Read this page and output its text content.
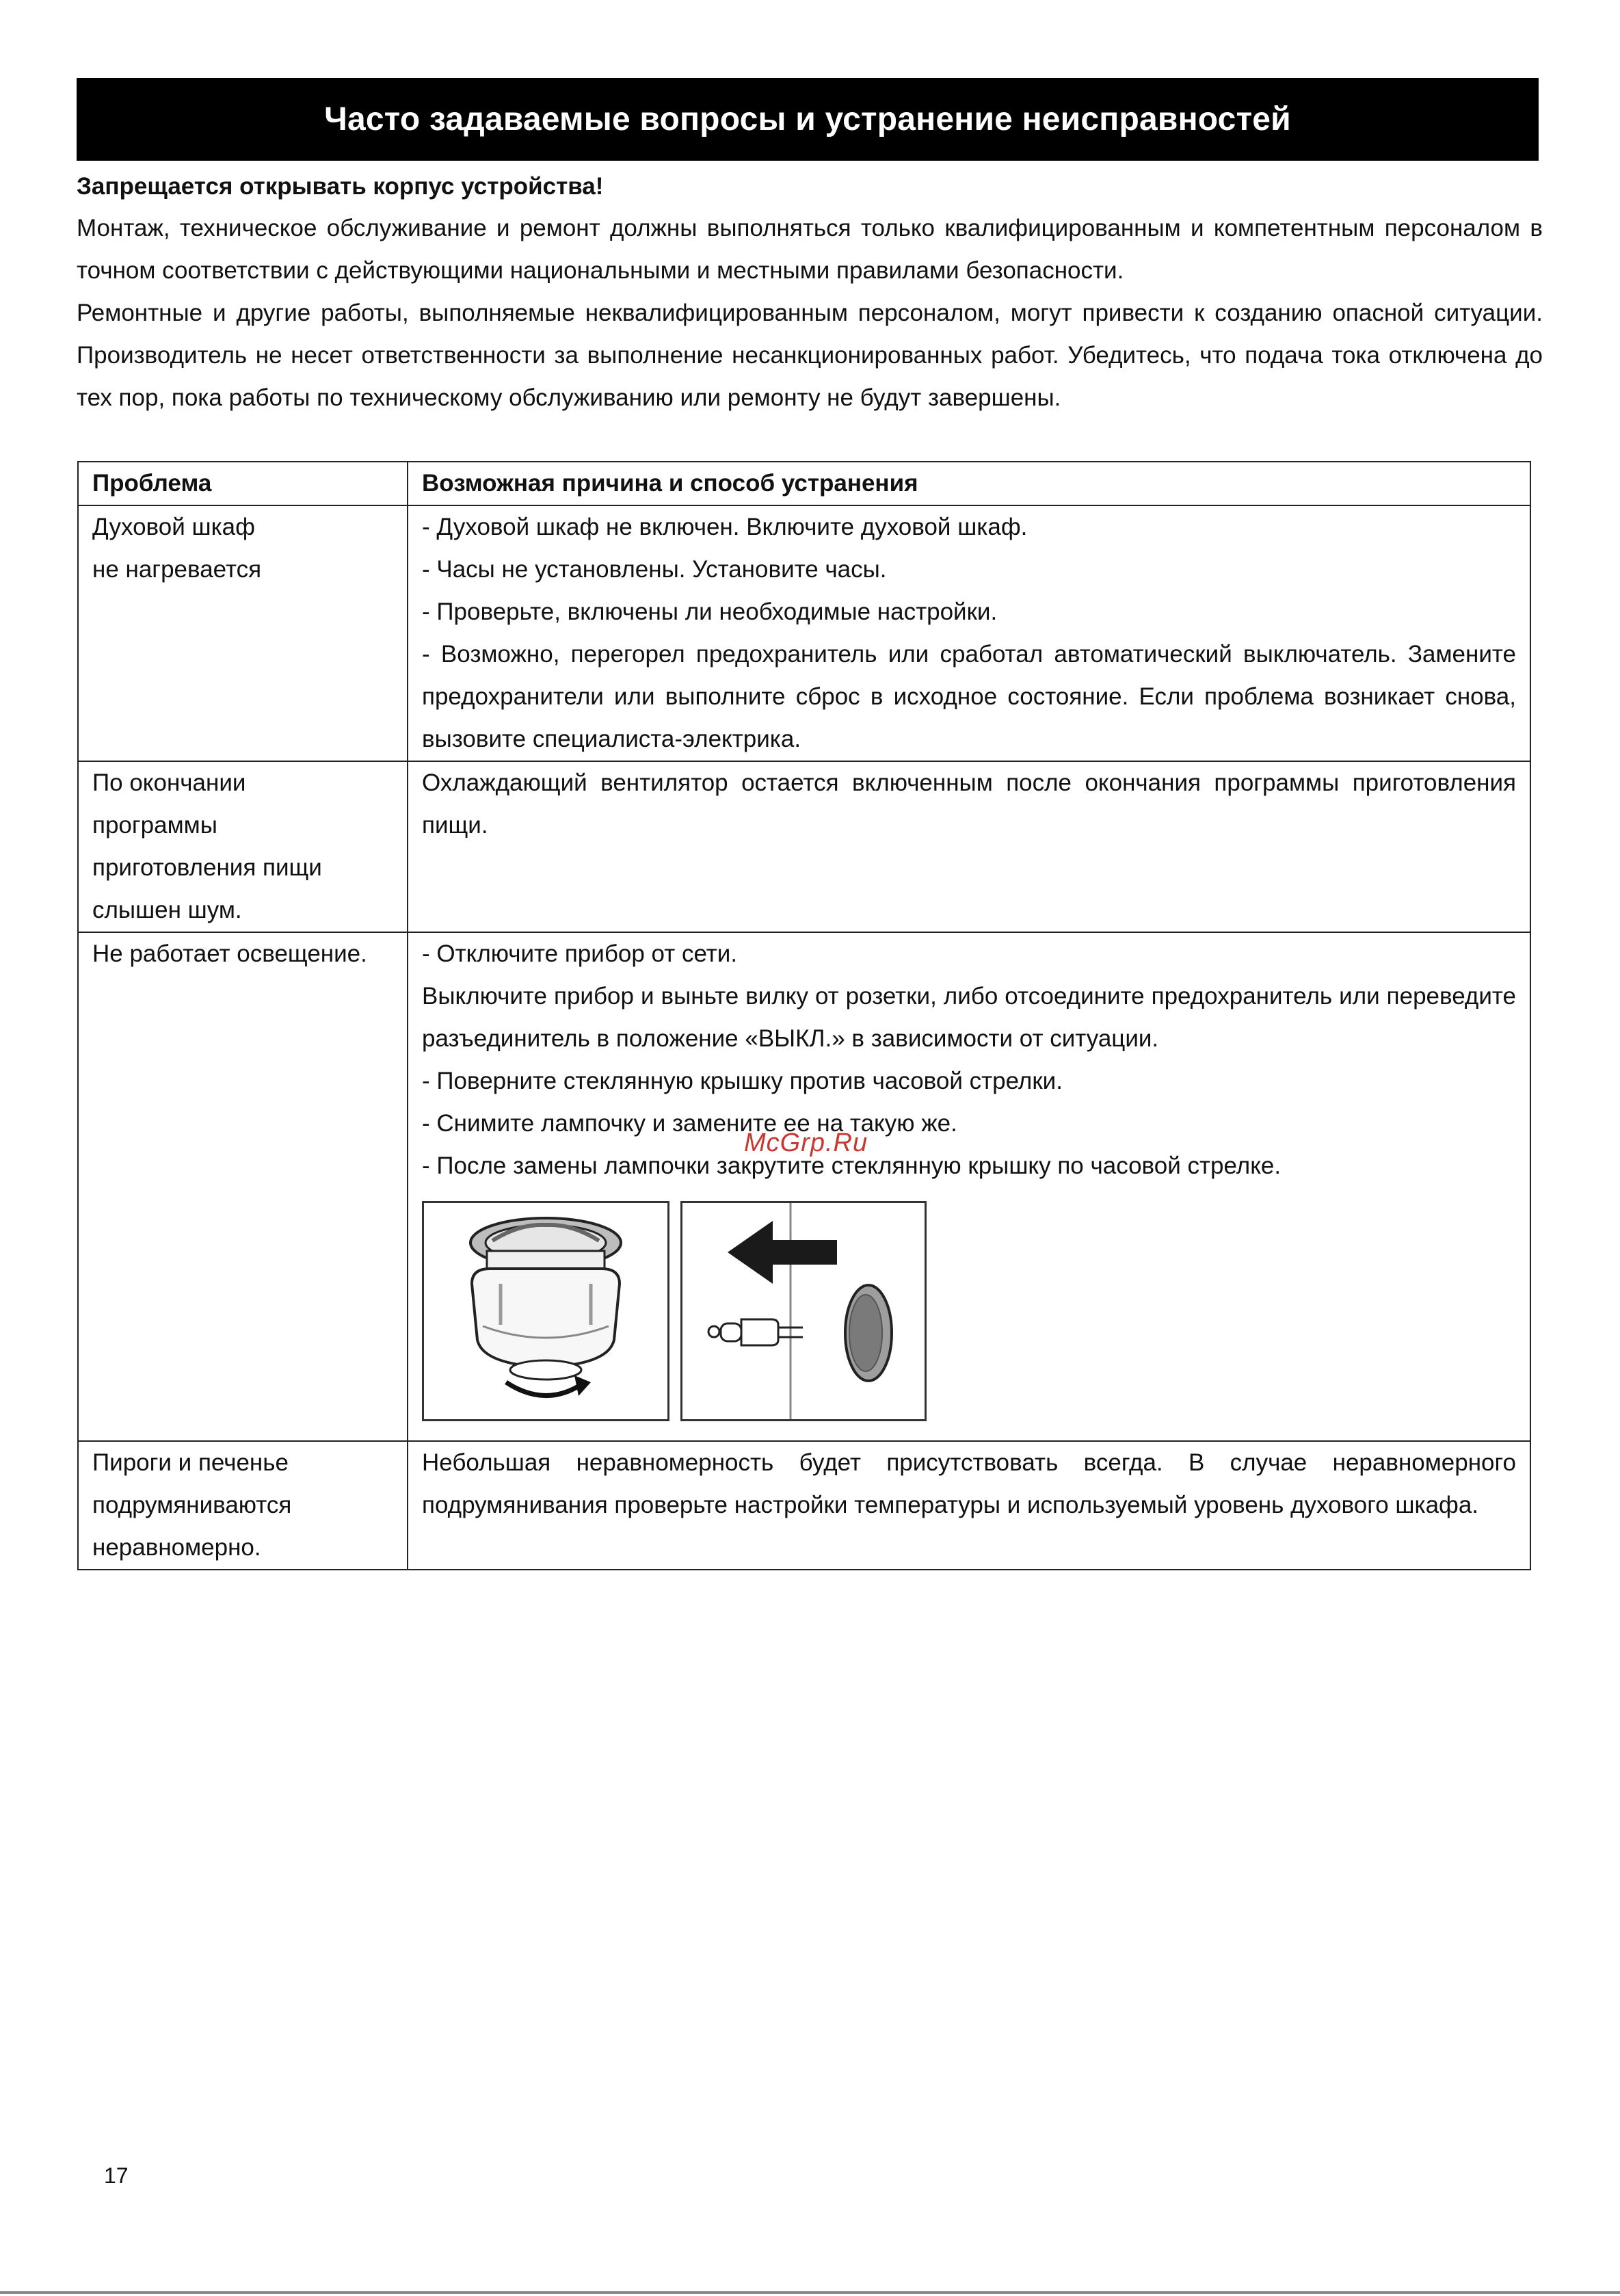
Часто задаваемые вопросы и устранение неисправностей
Запрещается открывать корпус устройства!

Монтаж, техническое обслуживание и ремонт должны выполняться только квалифицированным и компетентным персоналом в точном соответствии с действующими национальными и местными правилами безопасности.

Ремонтные и другие работы, выполняемые неквалифицированным персоналом, могут привести к созданию опасной ситуации. Производитель не несет ответственности за выполнение несанкционированных работ. Убедитесь, что подача тока отключена до тех пор, пока работы по техническому обслуживанию или ремонту не будут завершены.

Проблема	Возможная причина и способ устранения

Духовой шкаф
не нагревается	- Духовой шкаф не включен. Включите духовой шкаф.
- Часы не установлены. Установите часы.
- Проверьте, включены ли необходимые настройки.
- Возможно, перегорел предохранитель или сработал автоматический выключатель. Замените предохранители или выполните сброс в исходное состояние. Если проблема возникает снова, вызовите специалиста-электрика.

По окончании
программы
приготовления пищи
слышен шум.	Охлаждающий вентилятор остается включенным после окончания программы приготовления пищи.

Не работает освещение.	- Отключите прибор от сети.
Выключите прибор и выньте вилку от розетки, либо отсоедините предохранитель или переведите разъединитель в положение «ВЫКЛ.» в зависимости от ситуации.
- Поверните стеклянную крышку против часовой стрелки.
- Снимите лампочку и замените ее на такую же.
- После замены лампочки закрутите стеклянную крышку по часовой стрелке.

Пироги и печенье
подрумяниваются
неравномерно.	Небольшая неравномерность будет присутствовать всегда. В случае неравномерного подрумянивания проверьте настройки температуры и используемый уровень духового шкафа.
McGrp.Ru
17
